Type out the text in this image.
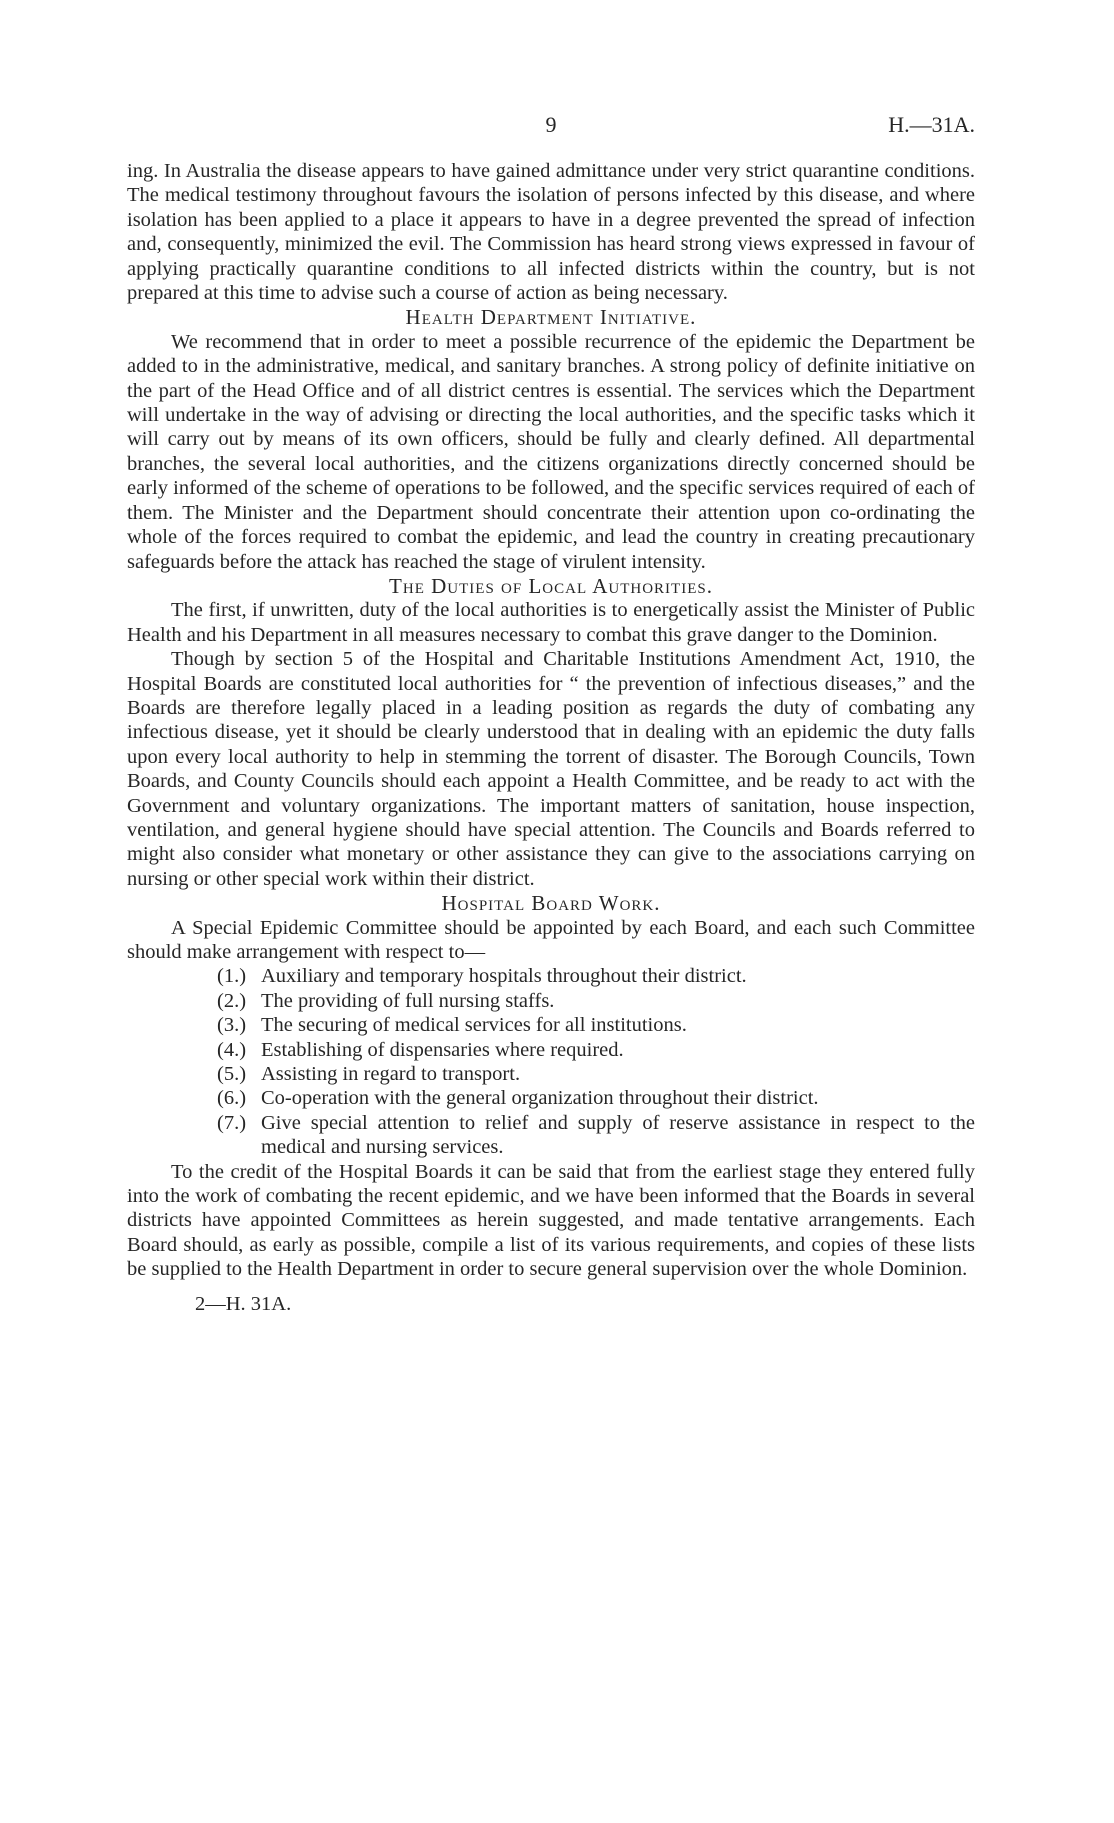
9	H.—31A.

ing. In Australia the disease appears to have gained admittance under very strict quarantine conditions. The medical testimony throughout favours the isolation of persons infected by this disease, and where isolation has been applied to a place it appears to have in a degree prevented the spread of infection and, consequently, minimized the evil. The Commission has heard strong views expressed in favour of applying practically quarantine conditions to all infected districts within the country, but is not prepared at this time to advise such a course of action as being necessary.

Health Department Initiative.

We recommend that in order to meet a possible recurrence of the epidemic the Department be added to in the administrative, medical, and sanitary branches. A strong policy of definite initiative on the part of the Head Office and of all district centres is essential. The services which the Department will undertake in the way of advising or directing the local authorities, and the specific tasks which it will carry out by means of its own officers, should be fully and clearly defined. All departmental branches, the several local authorities, and the citizens organizations directly concerned should be early informed of the scheme of operations to be followed, and the specific services required of each of them. The Minister and the Department should concentrate their attention upon co-ordinating the whole of the forces required to combat the epidemic, and lead the country in creating precautionary safeguards before the attack has reached the stage of virulent intensity.

The Duties of Local Authorities.

The first, if unwritten, duty of the local authorities is to energetically assist the Minister of Public Health and his Department in all measures necessary to combat this grave danger to the Dominion.

Though by section 5 of the Hospital and Charitable Institutions Amendment Act, 1910, the Hospital Boards are constituted local authorities for “ the prevention of infectious diseases,” and the Boards are therefore legally placed in a leading position as regards the duty of combating any infectious disease, yet it should be clearly understood that in dealing with an epidemic the duty falls upon every local authority to help in stemming the torrent of disaster. The Borough Councils, Town Boards, and County Councils should each appoint a Health Committee, and be ready to act with the Government and voluntary organizations. The important matters of sanitation, house inspection, ventilation, and general hygiene should have special attention. The Councils and Boards referred to might also consider what monetary or other assistance they can give to the associations carrying on nursing or other special work within their district.

Hospital Board Work.

A Special Epidemic Committee should be appointed by each Board, and each such Committee should make arrangement with respect to—

(1.) Auxiliary and temporary hospitals throughout their district.
(2.) The providing of full nursing staffs.
(3.) The securing of medical services for all institutions.
(4.) Establishing of dispensaries where required.
(5.) Assisting in regard to transport.
(6.) Co-operation with the general organization throughout their district.
(7.) Give special attention to relief and supply of reserve assistance in respect to the medical and nursing services.

To the credit of the Hospital Boards it can be said that from the earliest stage they entered fully into the work of combating the recent epidemic, and we have been informed that the Boards in several districts have appointed Committees as herein suggested, and made tentative arrangements. Each Board should, as early as possible, compile a list of its various requirements, and copies of these lists be supplied to the Health Department in order to secure general supervision over the whole Dominion.

2—H. 31A.
